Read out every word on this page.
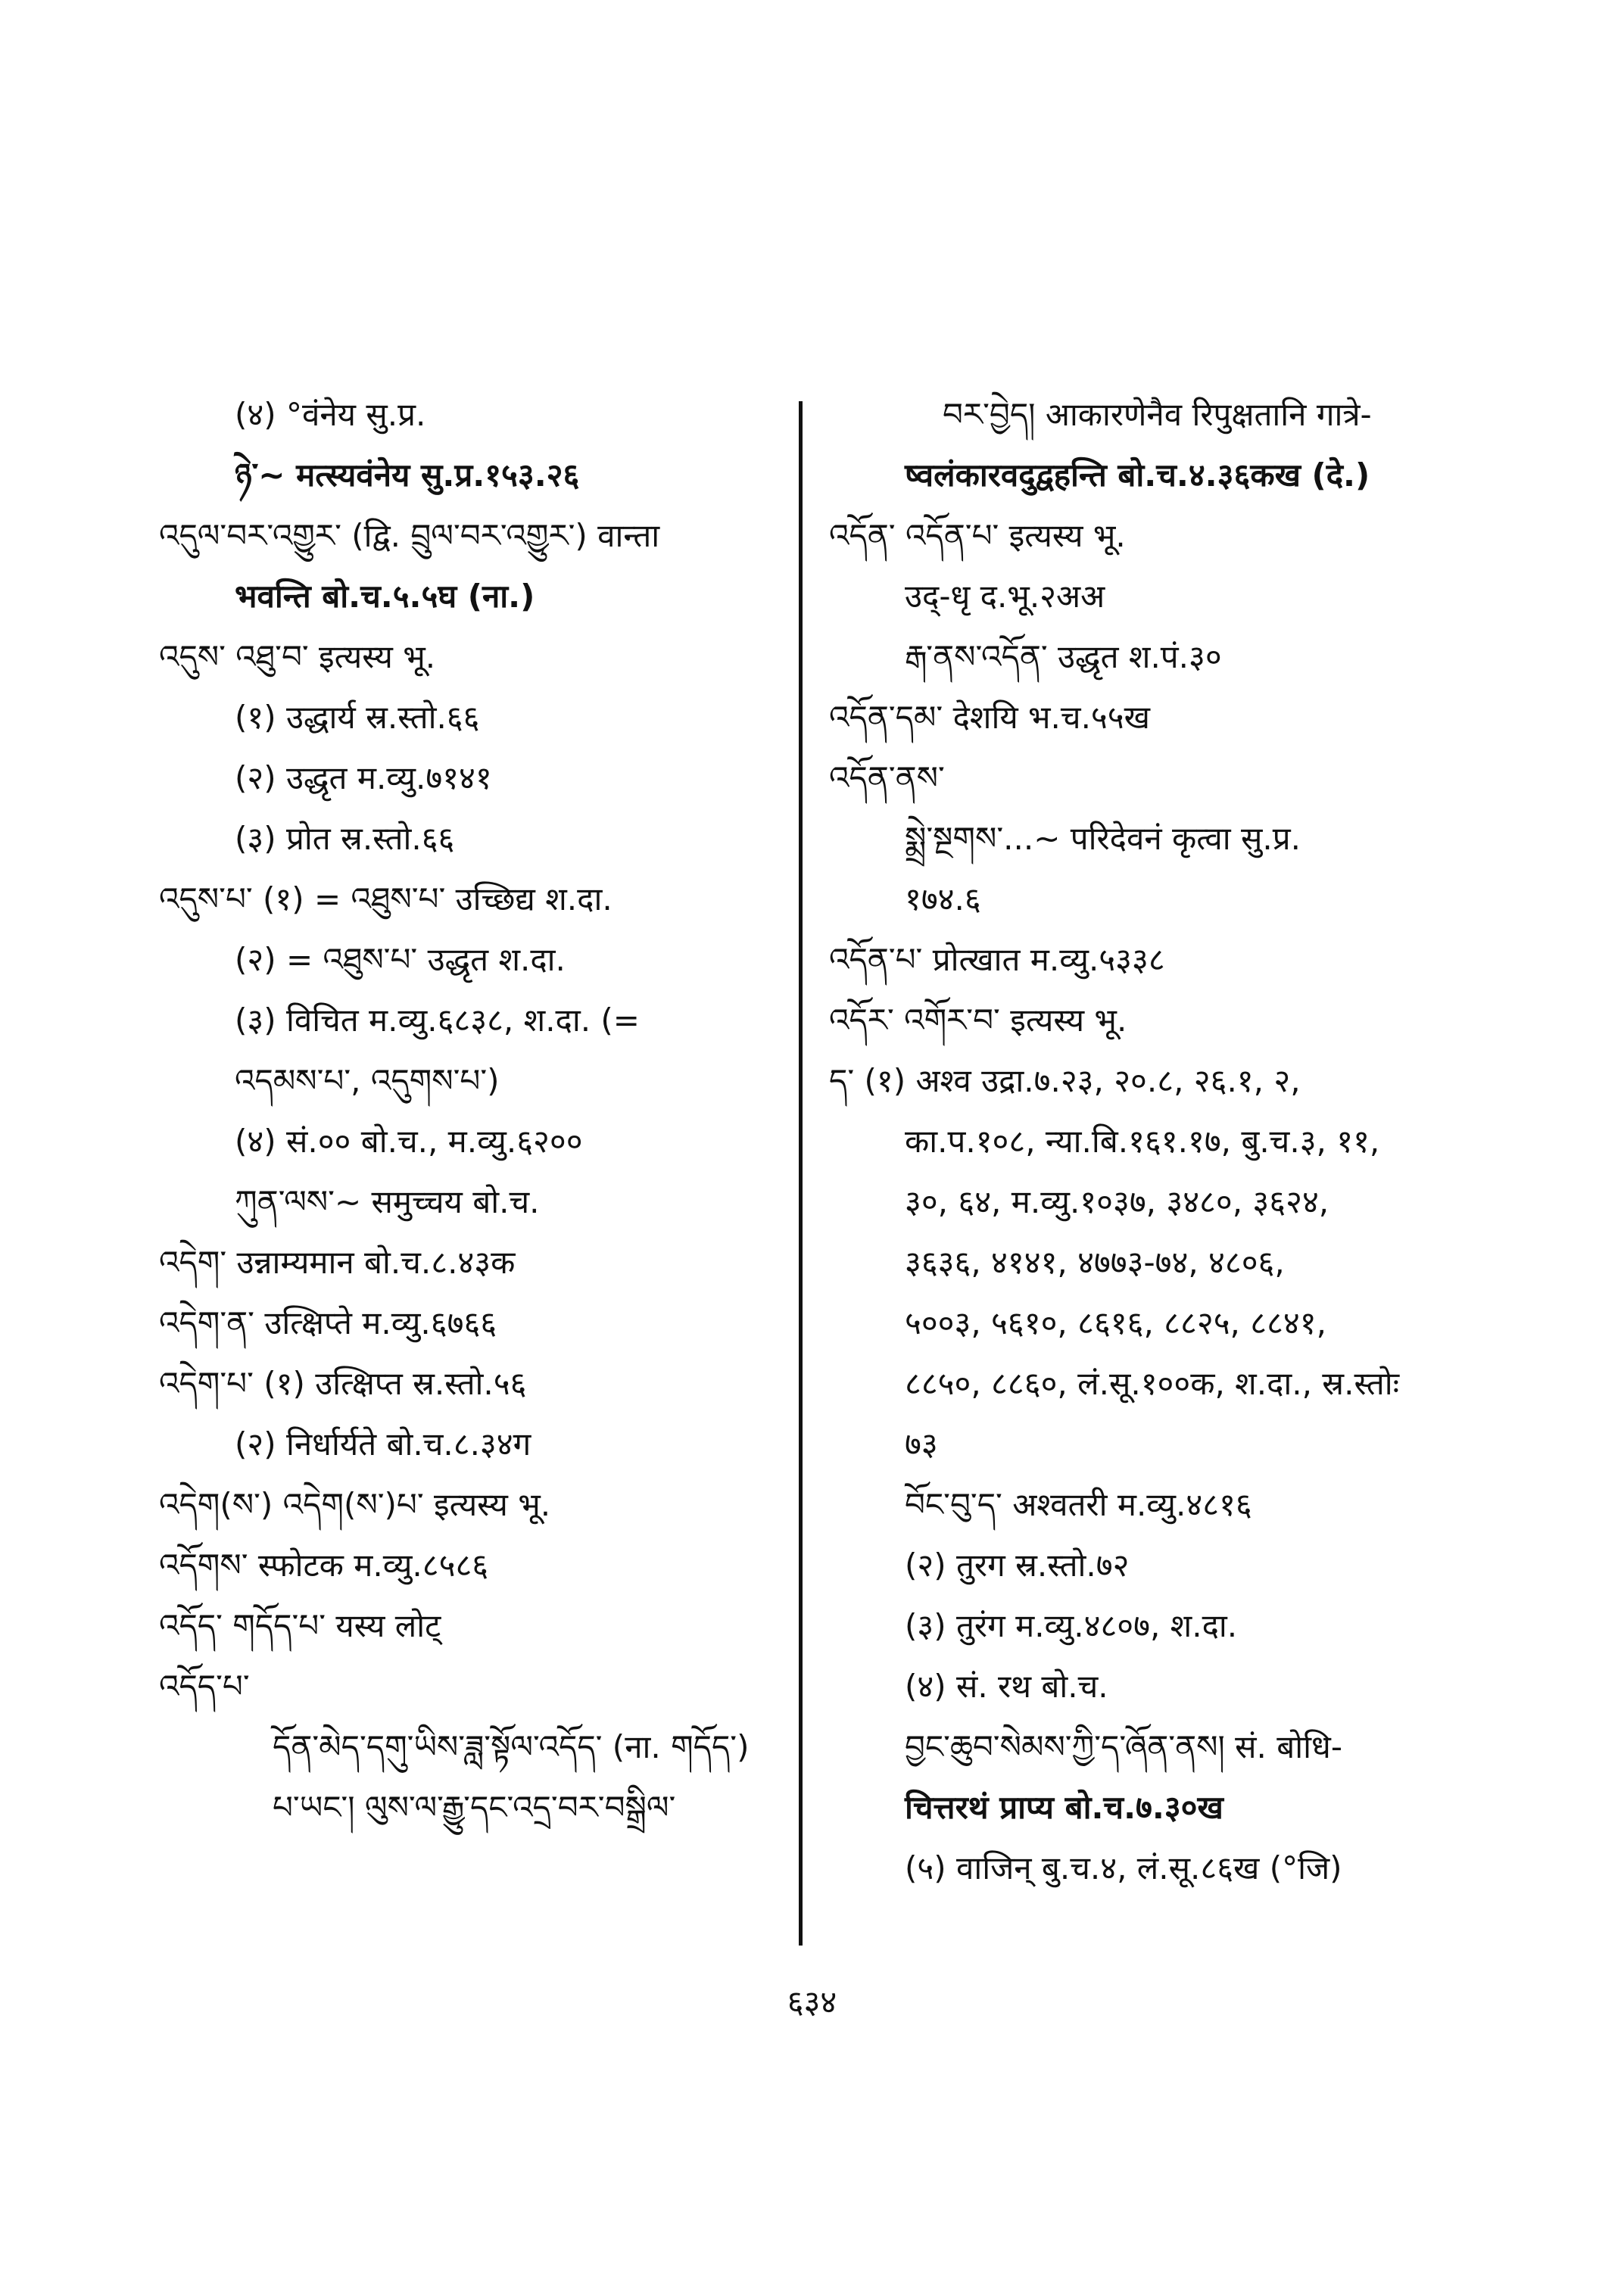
(४) °वंनेय सु.प्र.
ཉེ་~ मत्स्यवंनेय सु.प्र.१५३.२६
འདུལ་བར་འགྱུར་ (द्वि. བྲུལ་བར་འགྱུར་) वान्ता
भवन्ति बो.च.५.५घ (ना.)
འདུས་ འཐུ་བ་ इत्यस्य भू.
(१) उद्धार्य स्र.स्तो.६६
(२) उद्धृत म.व्यु.७१४१
(३) प्रोत स्र.स्तो.६६
འདུས་པ་ (१) = འཐུས་པ་ उच्छिद्य श.दा.
(२) = འཐུས་པ་ उद्धृत श.दा.
(३) विचित म.व्यु.६८३८, श.दा. (=
འདམས་པ་, འདུགས་པ་)
(४) सं.०० बो.च., म.व्यु.६२००
ཀུན་ལས་~ समुच्चय बो.च.
འདེག་ उन्नाम्यमान बो.च.८.४३क
འདེག་ན་ उत्क्षिप्ते म.व्यु.६७६६
འདེག་པ་ (१) उत्क्षिप्त स्र.स्तो.५६
(२) निर्धार्यते बो.च.८.३४ग
འདེག(ས་) འདེག(ས་)པ་ इत्यस्य भू.
འདོགས་ स्फोटक म.व्यु.८५८६
འདོད་ གདོད་པ་ यस्य लोट्
འདོད་པ་
དོན་མེད་དགུ་ཡིས་ཟླ་སྟོལ་འདོད་ (ना. གདོད་)
པ་ཡང་། ལུས་ལ་རྒྱུ་དང་འདྲ་བར་བསྒྲིལ་
བར་བྱེད། आकारणेनैव रिपुक्षतानि गात्रे-
ष्वलंकारवदुद्वहन्ति बो.च.४.३६कख (दे.)
འདོན་ འདོན་པ་ इत्यस्य भू.
उद्-धृ द.भू.२अअ
རྒ་ནས་འདོན་ उद्धृत श.पं.३०
འདོན་དམ་ देशयि भ.च.५५ख
འདོན་ནས་
སྨྲེ་སྔགས་...~ परिदेवनं कृत्वा सु.प्र.
१७४.६
འདོན་པ་ प्रोत्खात म.व्यु.५३३८
འདོར་ འགོར་བ་ इत्यस्य भू.
ད་ (१) अश्व उद्रा.७.२३, २०.८, २६.१, २,
का.प.१०८, न्या.बि.१६१.१७, बु.च.३, ११,
३०, ६४, म.व्यु.१०३७, ३४८०, ३६२४,
३६३६, ४१४१, ४७७३-७४, ४८०६,
५००३, ५६१०, ८६१६, ८८२५, ८८४१,
८८५०, ८८६०, लं.सू.१००क, श.दा., स्र.स्तोः
७३
བོང་བུ་ད་ अश्वतरी म.व्यु.४८१६
(२) तुरग स्र.स्तो.७२
(३) तुरंग म.व्यु.४८०७, श.दा.
(४) सं. रथ बो.च.
བྱང་ཆུབ་སེམས་ཀྱི་ད་ཞོན་ནས། सं. बोधि-
चित्तरथं प्राप्य बो.च.७.३०ख
(५) वाजिन् बु.च.४, लं.सू.८६ख (°जि)
६३४
